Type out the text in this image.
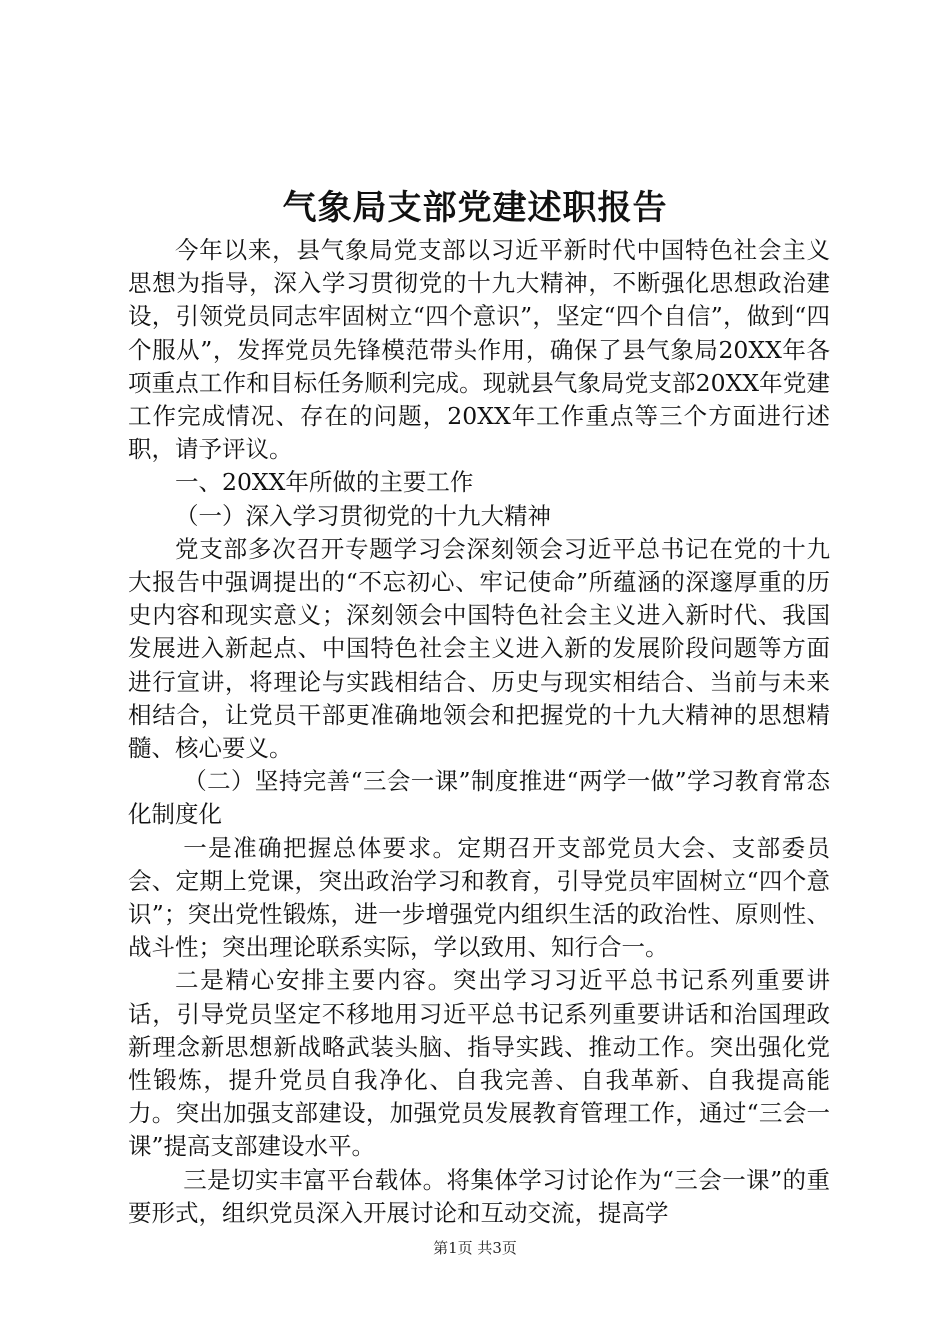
气象局支部党建述职报告

今年以来，县气象局党支部以习近平新时代中国特色社会主义思想为指导，深入学习贯彻党的十九大精神，不断强化思想政治建设，引领党员同志牢固树立“四个意识”，坚定“四个自信”，做到“四个服从”，发挥党员先锋模范带头作用，确保了县气象局20XX年各项重点工作和目标任务顺利完成。现就县气象局党支部20XX年党建工作完成情况、存在的问题，20XX年工作重点等三个方面进行述职，请予评议。

一、20XX年所做的主要工作

（一）深入学习贯彻党的十九大精神

党支部多次召开专题学习会深刻领会习近平总书记在党的十九大报告中强调提出的“不忘初心、牢记使命”所蕴涵的深邃厚重的历史内容和现实意义；深刻领会中国特色社会主义进入新时代、我国发展进入新起点、中国特色社会主义进入新的发展阶段问题等方面进行宣讲，将理论与实践相结合、历史与现实相结合、当前与未来相结合，让党员干部更准确地领会和把握党的十九大精神的思想精髓、核心要义。

（二）坚持完善“三会一课”制度推进“两学一做”学习教育常态化制度化

一是准确把握总体要求。定期召开支部党员大会、支部委员会、定期上党课，突出政治学习和教育，引导党员牢固树立“四个意识”；突出党性锻炼，进一步增强党内组织生活的政治性、原则性、战斗性；突出理论联系实际，学以致用、知行合一。

二是精心安排主要内容。突出学习习近平总书记系列重要讲话，引导党员坚定不移地用习近平总书记系列重要讲话和治国理政新理念新思想新战略武装头脑、指导实践、推动工作。突出强化党性锻炼，提升党员自我净化、自我完善、自我革新、自我提高能力。突出加强支部建设，加强党员发展教育管理工作，通过“三会一课”提高支部建设水平。

三是切实丰富平台载体。将集体学习讨论作为“三会一课”的重要形式，组织党员深入开展讨论和互动交流，提高学

第1页 共3页
